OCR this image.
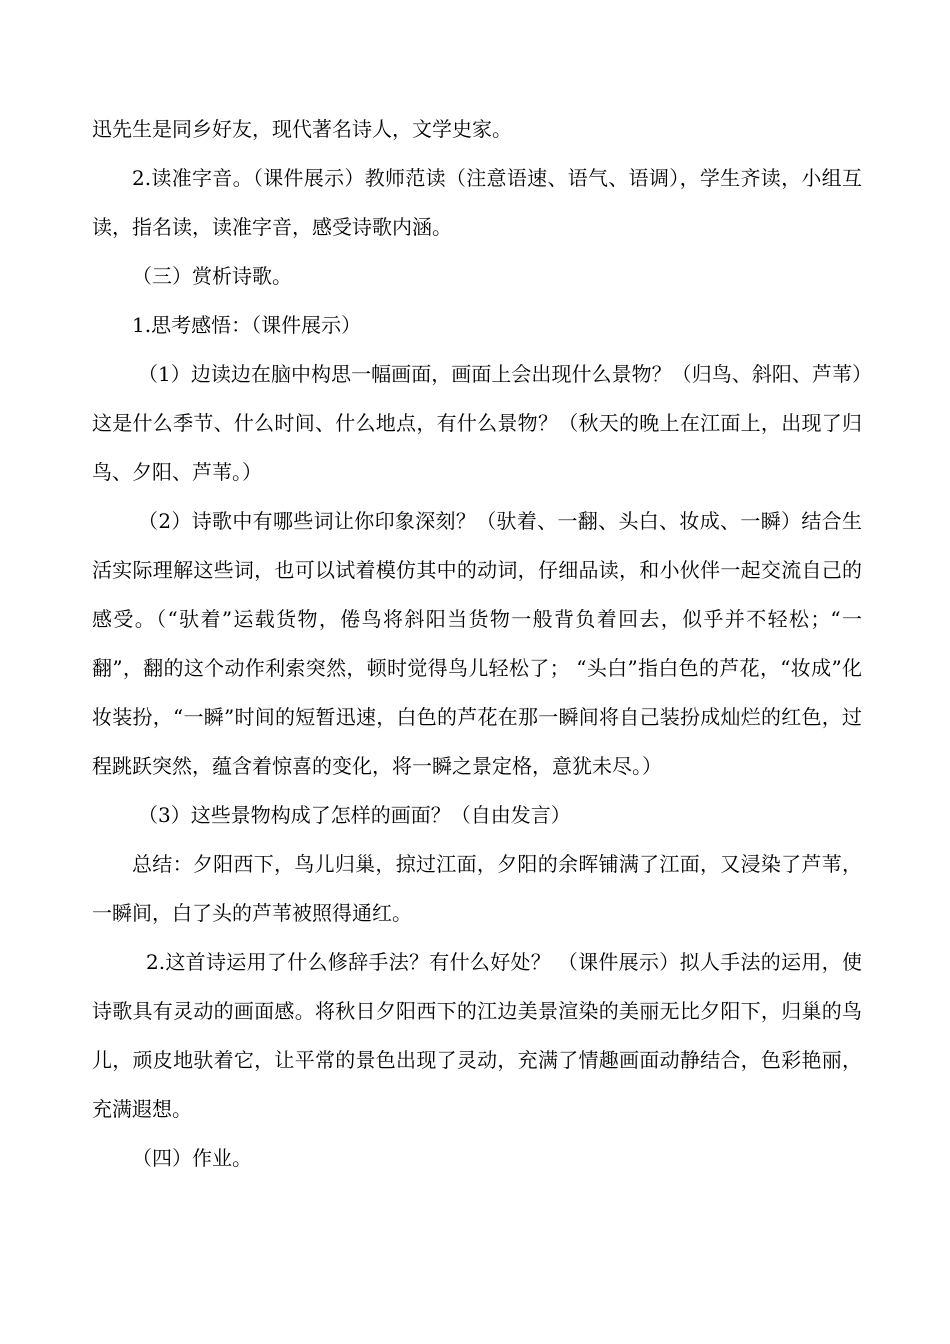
迅先生是同乡好友，现代著名诗人，文学史家。

2.读准字音。（课件展示）教师范读（注意语速、语气、语调），学生齐读，小组互读，指名读，读准字音，感受诗歌内涵。

（三）赏析诗歌。

1.思考感悟：（课件展示）

（1）边读边在脑中构思一幅画面，画面上会出现什么景物？（归鸟、斜阳、芦苇）这是什么季节、什么时间、什么地点，有什么景物？（秋天的晚上在江面上，出现了归鸟、夕阳、芦苇。）

（2）诗歌中有哪些词让你印象深刻？（驮着、一翻、头白、妆成、一瞬）结合生活实际理解这些词，也可以试着模仿其中的动词，仔细品读，和小伙伴一起交流自己的感受。（“驮着”运载货物，倦鸟将斜阳当货物一般背负着回去，似乎并不轻松；“一翻”，翻的这个动作利索突然，顿时觉得鸟儿轻松了； “头白”指白色的芦花，“妆成”化妆装扮，“一瞬”时间的短暂迅速，白色的芦花在那一瞬间将自己装扮成灿烂的红色，过程跳跃突然，蕴含着惊喜的变化，将一瞬之景定格，意犹未尽。）

（3）这些景物构成了怎样的画面？（自由发言）

总结：夕阳西下，鸟儿归巢，掠过江面，夕阳的余晖铺满了江面，又浸染了芦苇，一瞬间，白了头的芦苇被照得通红。

2.这首诗运用了什么修辞手法？有什么好处？ （课件展示）拟人手法的运用，使诗歌具有灵动的画面感。将秋日夕阳西下的江边美景渲染的美丽无比夕阳下，归巢的鸟儿，顽皮地驮着它，让平常的景色出现了灵动，充满了情趣画面动静结合，色彩艳丽，充满遐想。

（四）作业。
